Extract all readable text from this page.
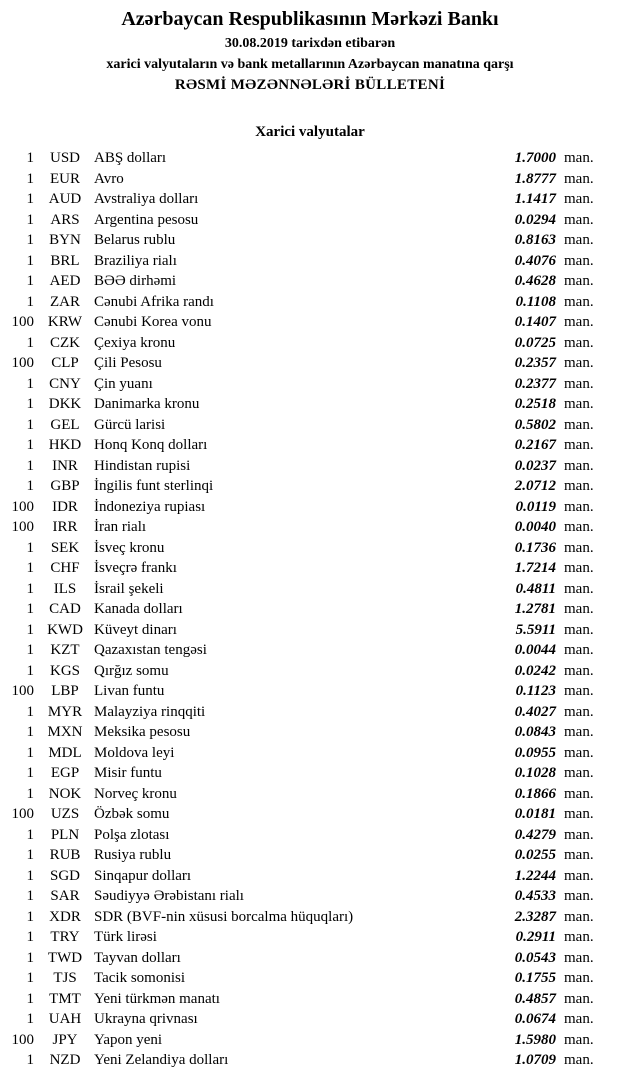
Azərbaycan Respublikasının Mərkəzi Bankı
30.08.2019 tarixdən etibarən
xarici valyutaların və bank metallarının Azərbaycan manatına qarşı
RƏSMİ MƏZƏNNƏLƏRİ BÜLLETENİ
Xarici valyutalar
1	USD ABŞ dolları	1.7000 man.
1	EUR Avro	1.8777 man.
1 AUD Avstraliya dolları	1.1417 man.
1	ARS Argentina pesosu	0.0294 man.
1	BYN Belarus rublu	0.8163 man.
1	BRL Braziliya rialı	0.4076 man.
1	AED BƏƏ dirhəmi	0.4628 man.
1	ZAR Cənubi Afrika randı	0.1108 man.
100 KRW Cənubi Korea vonu	0.1407 man.
1	CZK Çexiya kronu	0.0725 man.
100	CLP	Çili Pesosu	0.2357 man.
1	CNY Çin yuanı	0.2377 man.
1 DKK Danimarka kronu	0.2518 man.
1	GEL Gürcü larisi	0.5802 man.
1 HKD Honq Konq dolları	0.2167 man.
1	INR	Hindistan rupisi	0.0237 man.
1	GBP İngilis funt sterlinqi	2.0712 man.
100	IDR	İndoneziya rupiası	0.0119 man.
100	IRR	İran rialı	0.0040 man.
1	SEK İsveç kronu	0.1736 man.
1	CHF İsveçrə frankı	1.7214 man.
1	ILS	İsrail şekeli	0.4811 man.
1	CAD Kanada dolları	1.2781 man.
1 KWD Küveyt dinarı	5.5911 man.
1	KZT Qazaxıstan tengəsi	0.0044 man.
1	KGS Qırğız somu	0.0242 man.
100	LBP	Livan funtu	0.1123 man.
1 MYR Malayziya rinqqiti	0.4027 man.
1 MXN Meksika pesosu	0.0843 man.
1 MDL Moldova leyi	0.0955 man.
1	EGP Misir funtu	0.1028 man.
1 NOK Norveç kronu	0.1866 man.
100	UZS Özbək somu	0.0181 man.
1	PLN Polşa zlotası	0.4279 man.
1	RUB Rusiya rublu	0.0255 man.
1	SGD Sinqapur dolları	1.2244 man.
1	SAR Səudiyyə Ərəbistanı rialı	0.4533 man.
1	XDR SDR (BVF-nin xüsusi borcalma hüquqları)	2.3287 man.
1	TRY Türk lirəsi	0.2911 man.
1 TWD Tayvan dolları	0.0543 man.
1	TJS	Tacik somonisi	0.1755 man.
1	TMT Yeni türkmən manatı	0.4857 man.
1 UAH Ukrayna qrivnası	0.0674 man.
100	JPY	Yapon yeni	1.5980 man.
1	NZD Yeni Zelandiya dolları	1.0709 man.
